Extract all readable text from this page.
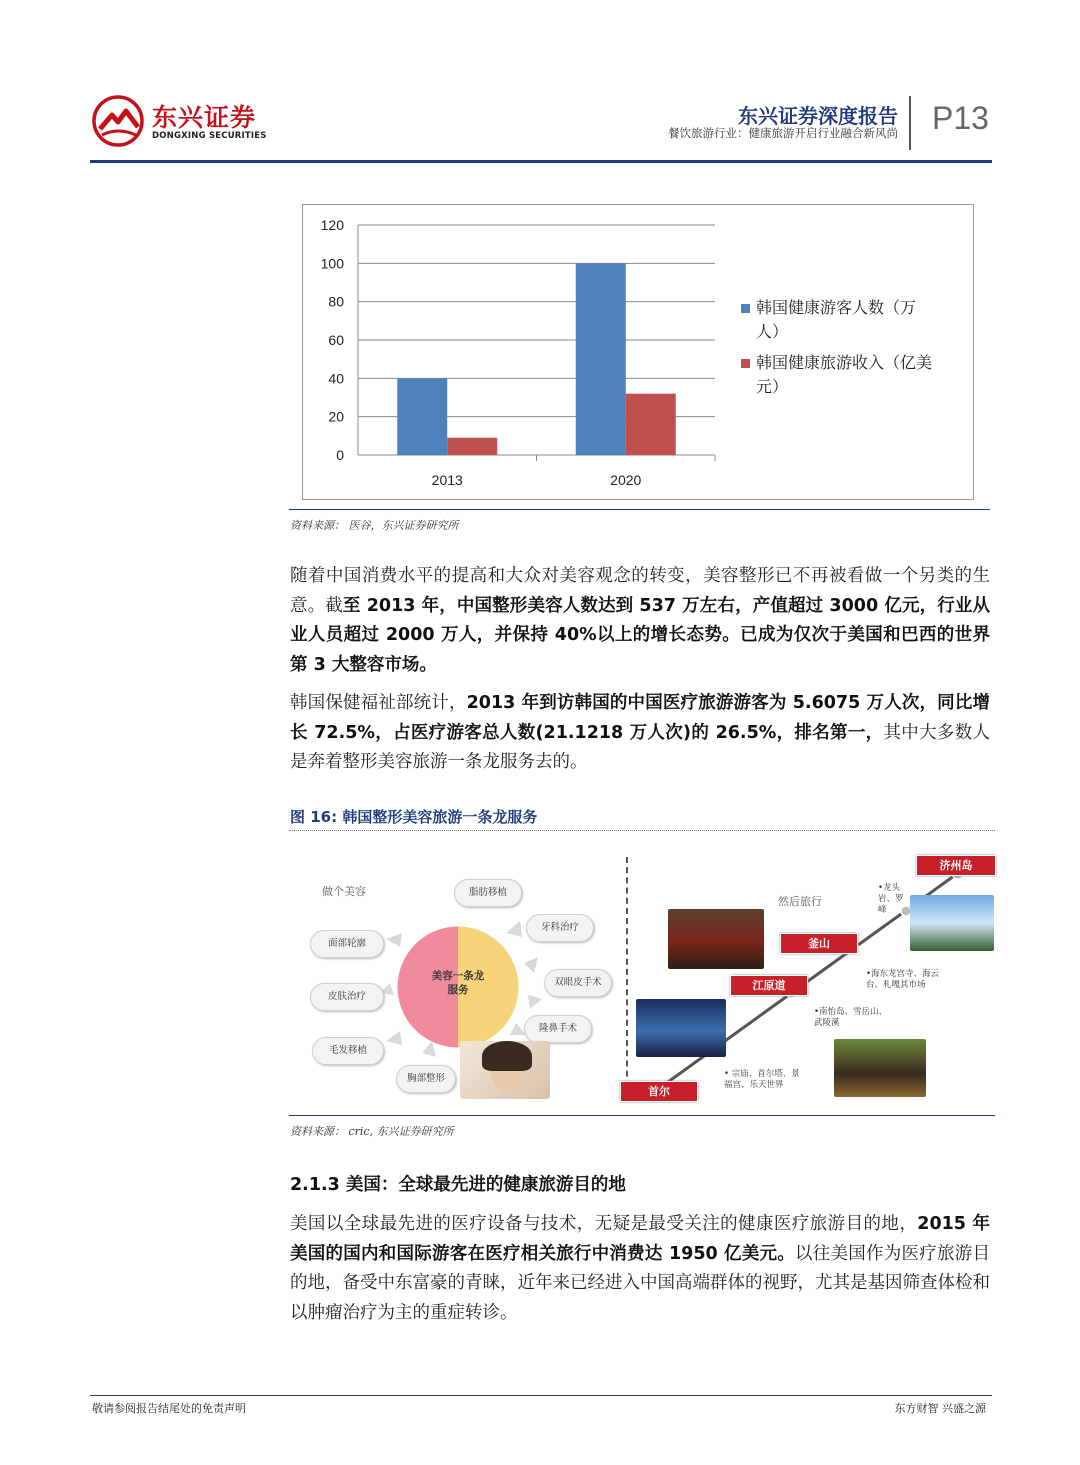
东兴证券
DONGXING SECURITIES
东兴证券深度报告
餐饮旅游行业：健康旅游开启行业融合新风尚 P13
0
20
40
60
80
100
120
2013	2020
韩国健康游客人数（万
人）
韩国健康旅游收入（亿美
元）
资料来源： 医谷，东兴证券研究所
随着中国消费水平的提高和大众对美容观念的转变，美容整形已不再被看做一个另类的生意。截至 2013 年，中国整形美容人数达到 537 万左右，产值超过 3000 亿元，行业从业人员超过 2000 万人，并保持 40%以上的增长态势。已成为仅次于美国和巴西的世界第 3 大整容市场。
韩国保健福祉部统计，2013 年到访韩国的中国医疗旅游游客为 5.6075 万人次，同比增长 72.5%，占医疗游客总人数(21.1218 万人次)的 26.5%，排名第一，其中大多数人是奔着整形美容旅游一条龙服务去的。
图 16: 韩国整形美容旅游一条龙服务
做个美容
美容一条龙
服务
脂肪移植
牙科治疗
双眼皮手术
隆鼻手术
胸部整形
面部轮廓
皮肤治疗
毛发移植
然后旅行
首尔
江原道
釜山
济州岛
• 宗庙、首尔塔、景
福宫、乐天世界
•南怡岛、雪岳山、
武陵溪
•海东龙宫寺、海云
台、札嘎其市场
•龙头
岩、罗
峰
资料来源： cric, 东兴证券研究所
2.1.3 美国：全球最先进的健康旅游目的地
美国以全球最先进的医疗设备与技术，无疑是最受关注的健康医疗旅游目的地，2015 年美国的国内和国际游客在医疗相关旅行中消费达 1950 亿美元。以往美国作为医疗旅游目的地，备受中东富豪的青睐，近年来已经进入中国高端群体的视野，尤其是基因筛查体检和以肿瘤治疗为主的重症转诊。
敬请参阅报告结尾处的免责声明	东方财智 兴盛之源
